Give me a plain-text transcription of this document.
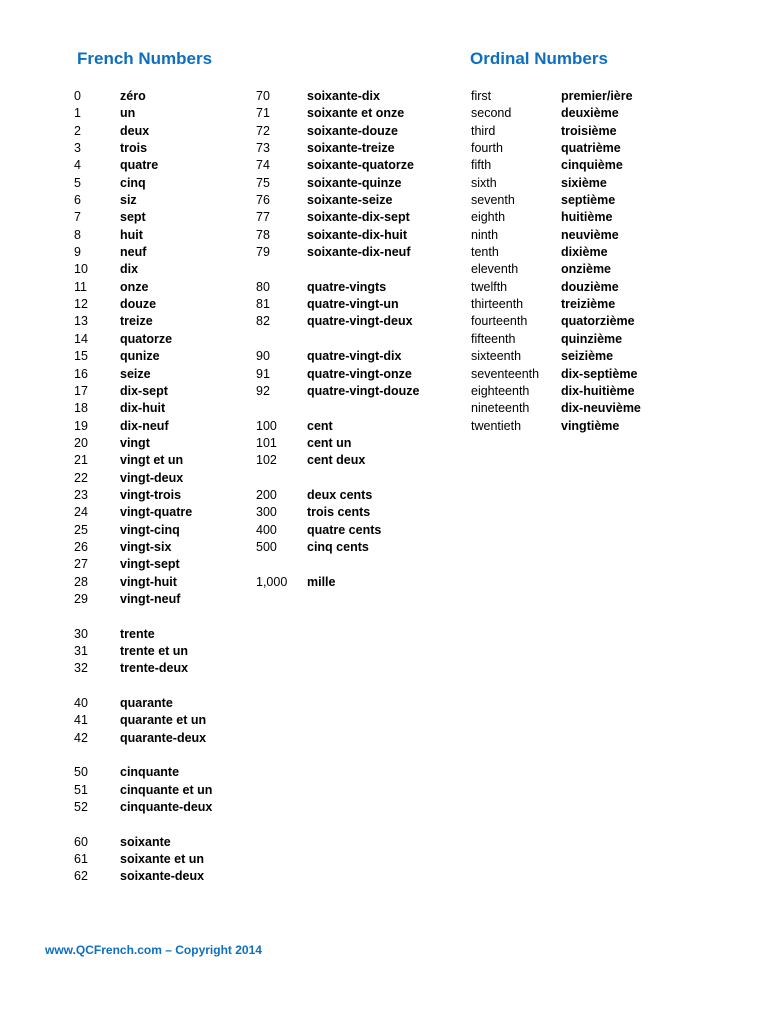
French Numbers	Ordinal Numbers
0	zéro
1	un
2	deux
3	trois
4	quatre
5	cinq
6	siz
7	sept
8	huit
9	neuf
10	dix
11	onze
12	douze
13	treize
14	quatorze
15	qunize
16	seize
17	dix-sept
18	dix-huit
19	dix-neuf
20	vingt
21	vingt et un
22	vingt-deux
23	vingt-trois
24	vingt-quatre
25	vingt-cinq
26	vingt-six
27	vingt-sept
28	vingt-huit
29	vingt-neuf
30	trente
31	trente et un
32	trente-deux
40	quarante
41	quarante et un
42	quarante-deux
50	cinquante
51	cinquante et un
52	cinquante-deux
60	soixante
61	soixante et un
62	soixante-deux
70	soixante-dix
71	soixante et onze
72	soixante-douze
73	soixante-treize
74	soixante-quatorze
75	soixante-quinze
76	soixante-seize
77	soixante-dix-sept
78	soixante-dix-huit
79	soixante-dix-neuf
80	quatre-vingts
81	quatre-vingt-un
82	quatre-vingt-deux
90	quatre-vingt-dix
91	quatre-vingt-onze
92	quatre-vingt-douze
100 cent
101 cent un
102 cent deux
200 deux cents
300 trois cents
400 quatre cents
500 cinq cents
1,000 mille
first	premier/ière
second	deuxième
third	troisième
fourth	quatrième
fifth	cinquième
sixth	sixième
seventh	septième
eighth	huitième
ninth	neuvième
tenth	dixième
eleventh	onzième
twelfth	douzième
thirteenth	treizième
fourteenth	quatorzième
fifteenth	quinzième
sixteenth	seizième
seventeenth dix-septième
eighteenth	dix-huitième
nineteenth	dix-neuvième
twentieth	vingtième
www.QCFrench.com – Copyright 2014
